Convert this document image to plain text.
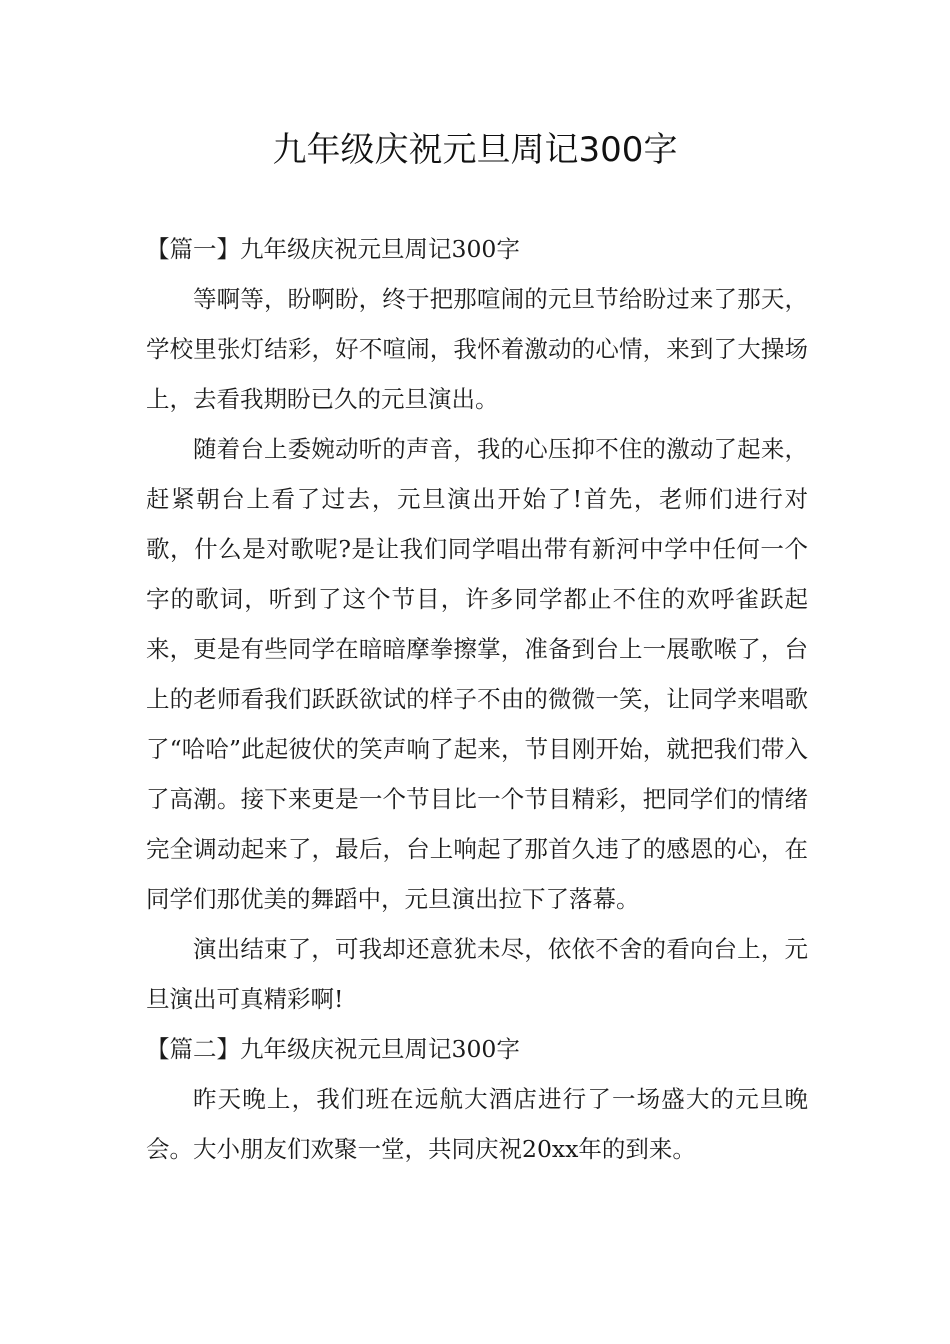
九年级庆祝元旦周记300字

【篇一】九年级庆祝元旦周记300字

等啊等，盼啊盼，终于把那喧闹的元旦节给盼过来了那天，学校里张灯结彩，好不喧闹，我怀着激动的心情，来到了大操场上，去看我期盼已久的元旦演出。

随着台上委婉动听的声音，我的心压抑不住的激动了起来，赶紧朝台上看了过去，元旦演出开始了!首先，老师们进行对歌，什么是对歌呢?是让我们同学唱出带有新河中学中任何一个字的歌词，听到了这个节目，许多同学都止不住的欢呼雀跃起来，更是有些同学在暗暗摩拳擦掌，准备到台上一展歌喉了，台上的老师看我们跃跃欲试的样子不由的微微一笑，让同学来唱歌了“哈哈”此起彼伏的笑声响了起来，节目刚开始，就把我们带入了高潮。接下来更是一个节目比一个节目精彩，把同学们的情绪完全调动起来了，最后，台上响起了那首久违了的感恩的心，在同学们那优美的舞蹈中，元旦演出拉下了落幕。

演出结束了，可我却还意犹未尽，依依不舍的看向台上，元旦演出可真精彩啊!

【篇二】九年级庆祝元旦周记300字

昨天晚上，我们班在远航大酒店进行了一场盛大的元旦晚会。大小朋友们欢聚一堂，共同庆祝20xx年的到来。
